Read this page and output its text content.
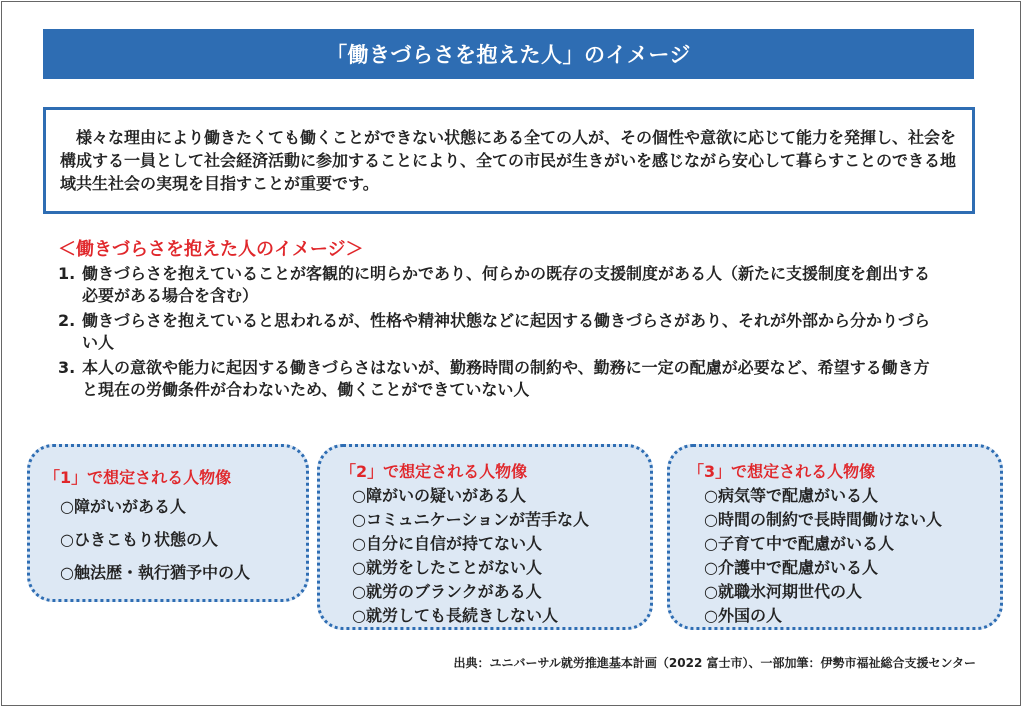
「働きづらさを抱えた人」のイメージ

　様々な理由により働きたくても働くことができない状態にある全ての人が、その個性や意欲に応じて能力を発揮し、社会を構成する一員として社会経済活動に参加することにより、全ての市民が生きがいを感じながら安心して暮らすことのできる地域共生社会の実現を目指すことが重要です。

＜働きづらさを抱えた人のイメージ＞
1. 働きづらさを抱えていることが客観的に明らかであり、何らかの既存の支援制度がある人（新たに支援制度を創出する必要がある場合を含む）
2. 働きづらさを抱えていると思われるが、性格や精神状態などに起因する働きづらさがあり、それが外部から分かりづらい人
3. 本人の意欲や能力に起因する働きづらさはないが、勤務時間の制約や、勤務に一定の配慮が必要など、希望する働き方と現在の労働条件が合わないため、働くことができていない人
「1」で想定される人物像
○障がいがある人
○ひきこもり状態の人
○触法歴・執行猶予中の人
「2」で想定される人物像
○障がいの疑いがある人
○コミュニケーションが苦手な人
○自分に自信が持てない人
○就労をしたことがない人
○就労のブランクがある人
○就労しても長続きしない人
「3」で想定される人物像
○病気等で配慮がいる人
○時間の制約で長時間働けない人
○子育て中で配慮がいる人
○介護中で配慮がいる人
○就職氷河期世代の人
○外国の人
出典：ユニバーサル就労推進基本計画（2022 富士市）、一部加筆：伊勢市福祉総合支援センター
